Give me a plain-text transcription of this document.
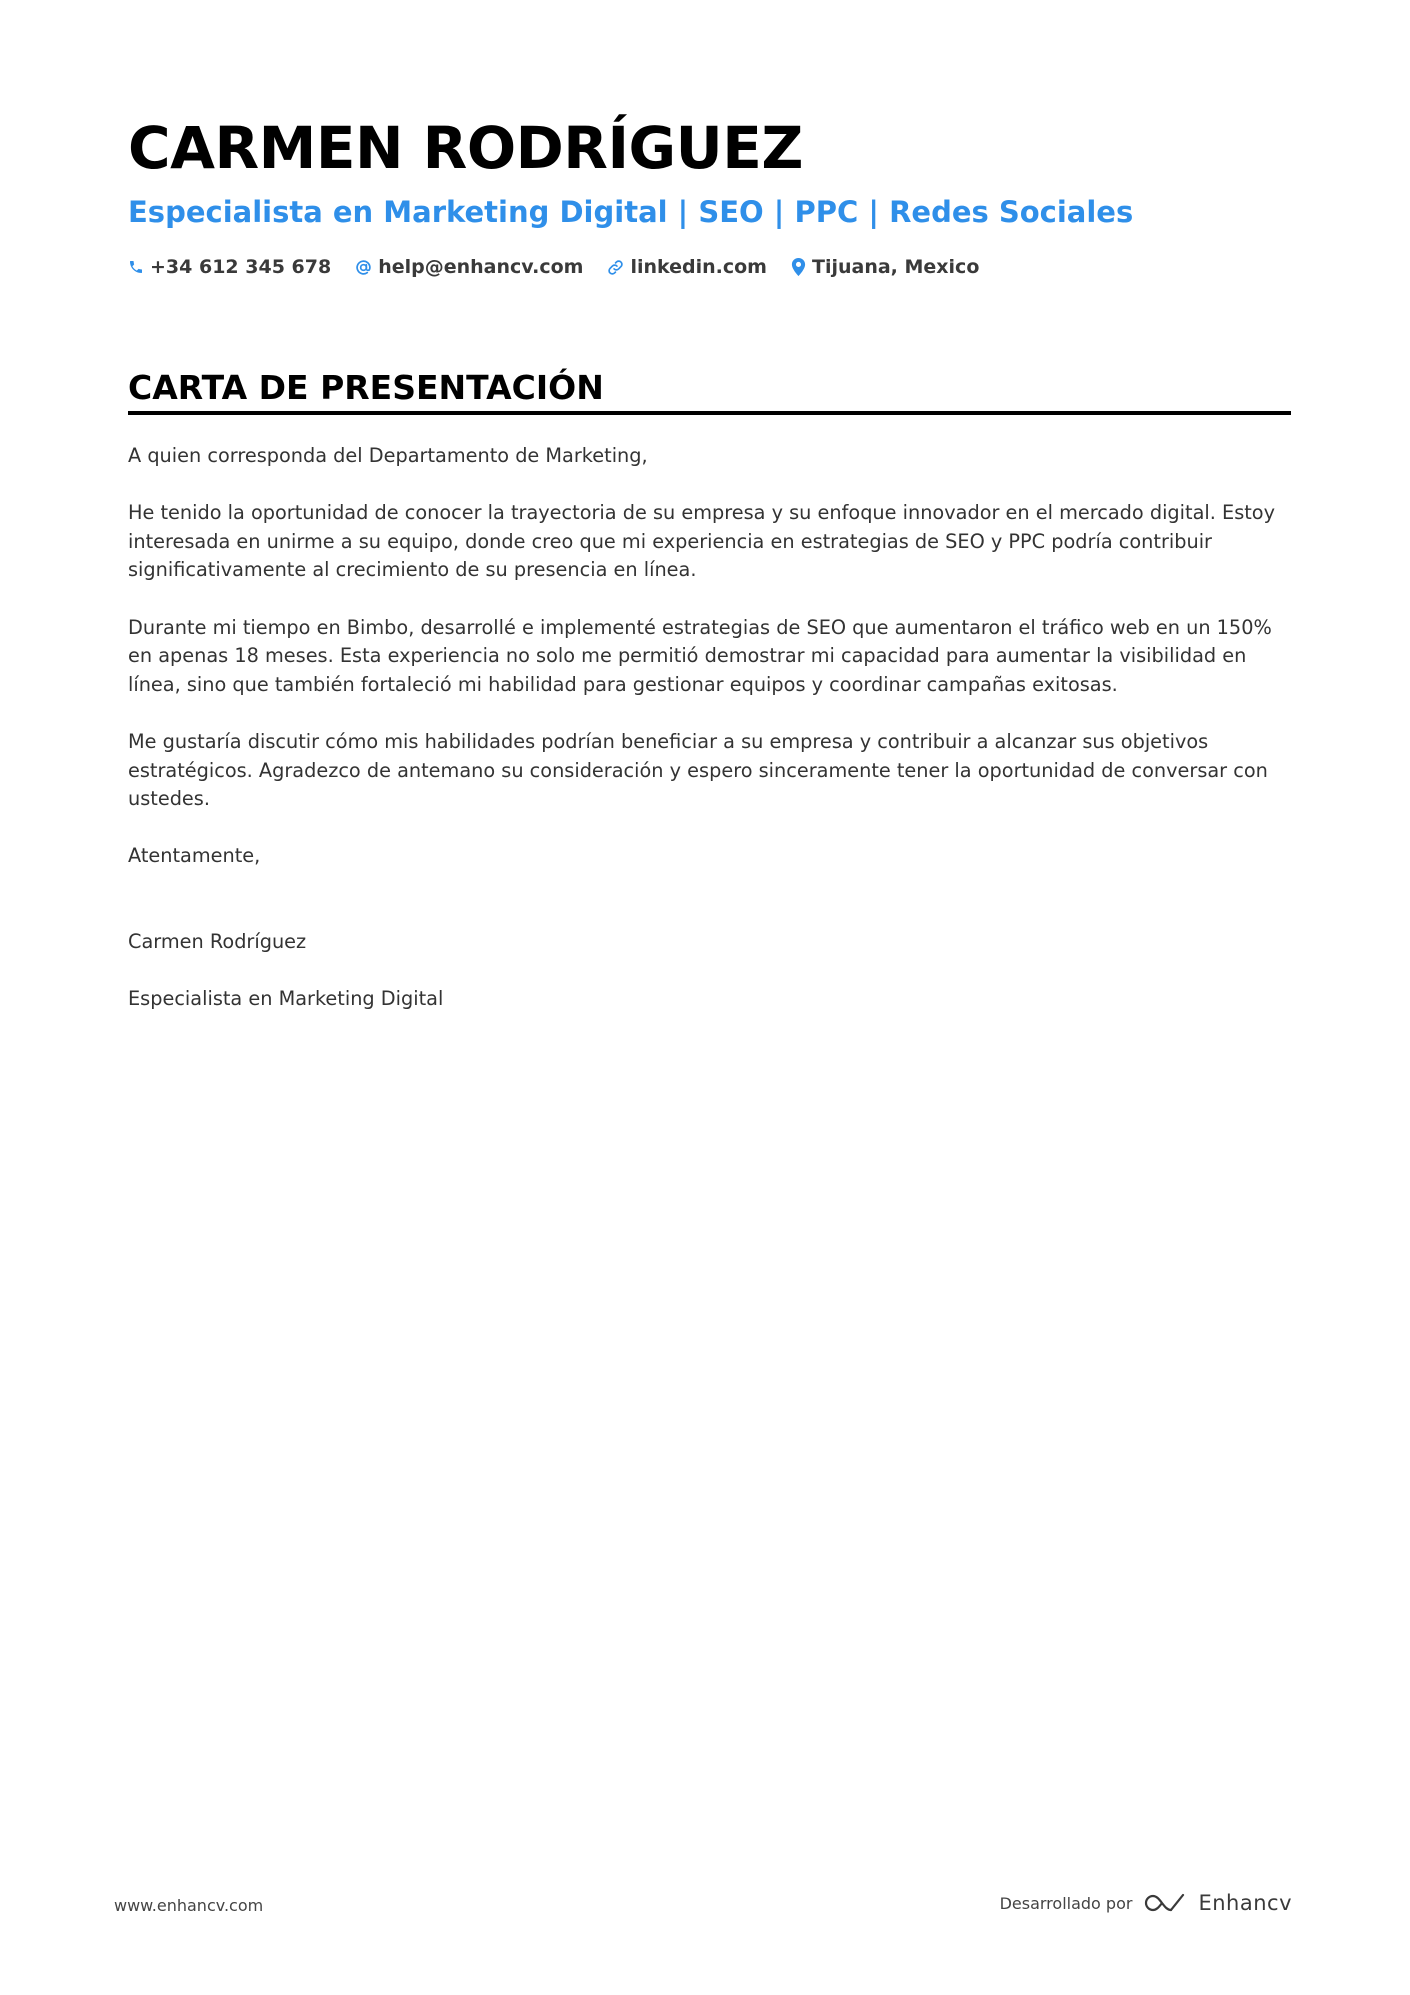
CARMEN RODRÍGUEZ
Especialista en Marketing Digital | SEO | PPC | Redes Sociales
+34 612 345 678 help@enhancv.com linkedin.com Tijuana, Mexico
CARTA DE PRESENTACIÓN

A quien corresponda del Departamento de Marketing,

He tenido la oportunidad de conocer la trayectoria de su empresa y su enfoque innovador en el mercado digital. Estoy interesada en unirme a su equipo, donde creo que mi experiencia en estrategias de SEO y PPC podría contribuir significativamente al crecimiento de su presencia en línea.

Durante mi tiempo en Bimbo, desarrollé e implementé estrategias de SEO que aumentaron el tráfico web en un 150% en apenas 18 meses. Esta experiencia no solo me permitió demostrar mi capacidad para aumentar la visibilidad en línea, sino que también fortaleció mi habilidad para gestionar equipos y coordinar campañas exitosas.

Me gustaría discutir cómo mis habilidades podrían beneficiar a su empresa y contribuir a alcanzar sus objetivos estratégicos. Agradezco de antemano su consideración y espero sinceramente tener la oportunidad de conversar con ustedes.

Atentamente,

Carmen Rodríguez

Especialista en Marketing Digital

www.enhancv.com	Desarrollado por	Enhancv
